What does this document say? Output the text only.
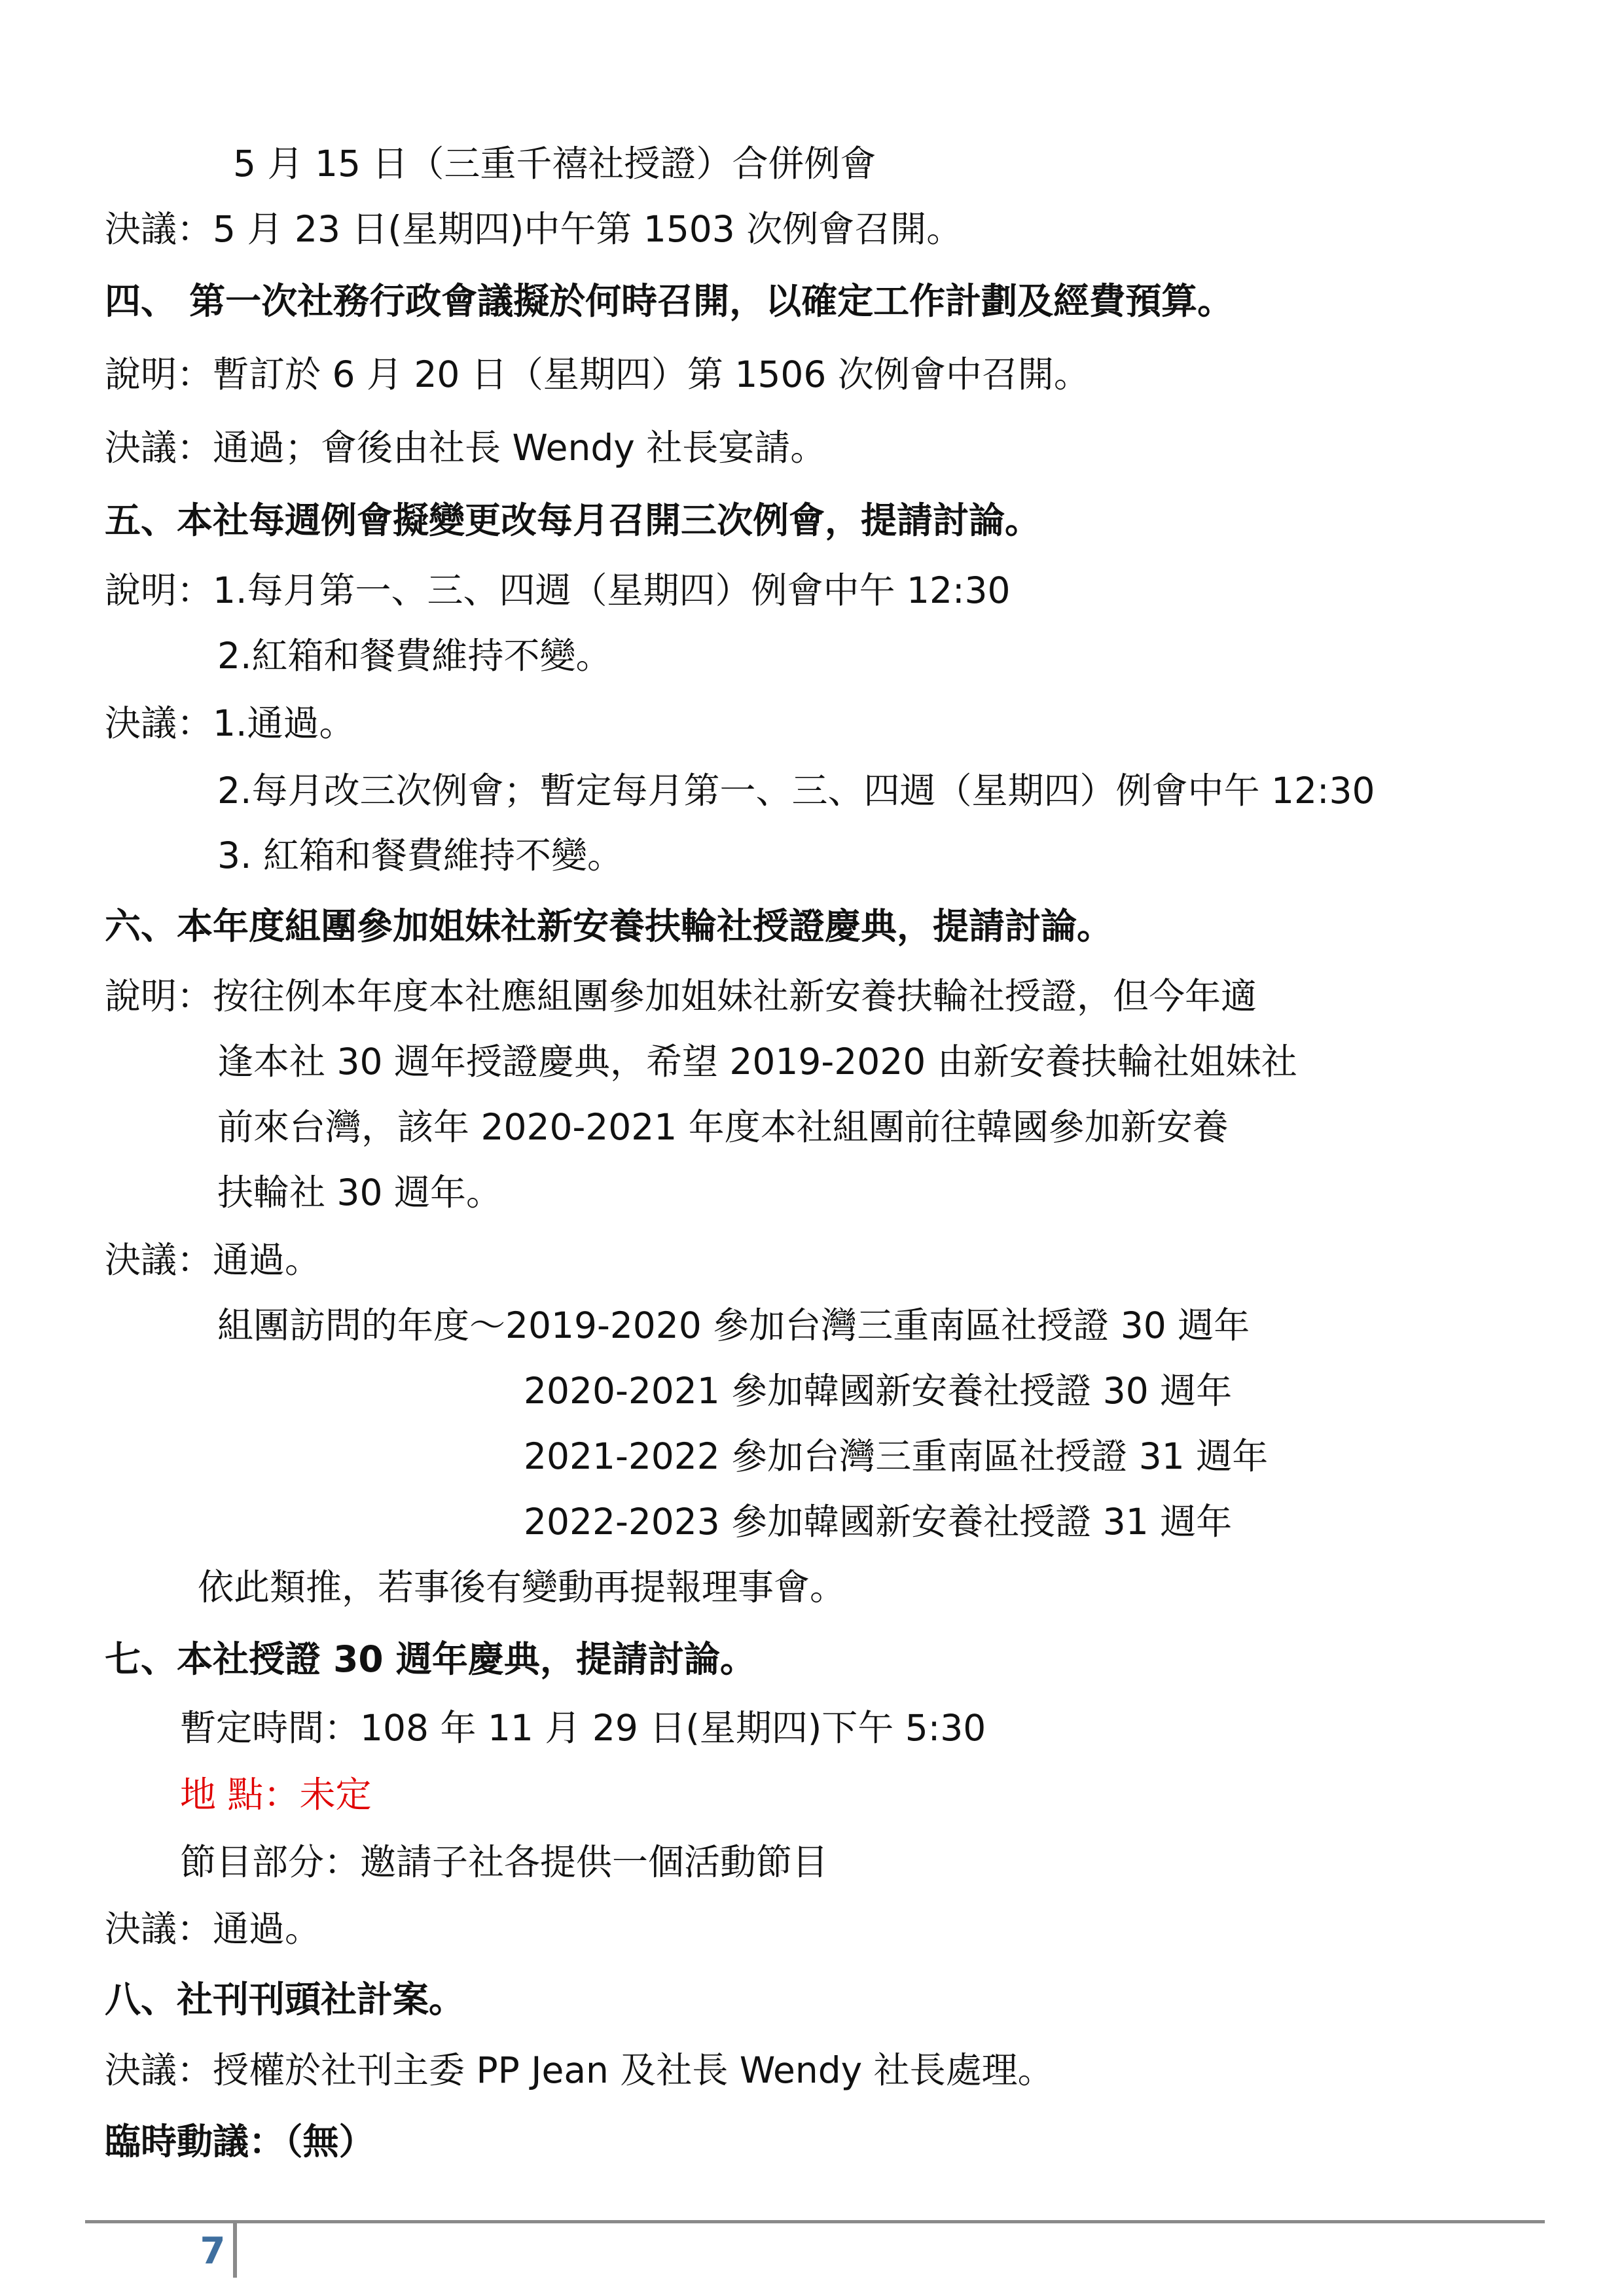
5 月 15 日（三重千禧社授證）合併例會
決議：5 月 23 日(星期四)中午第 1503 次例會召開。
四、 第一次社務行政會議擬於何時召開，以確定工作計劃及經費預算。
說明：暫訂於 6 月 20 日（星期四）第 1506 次例會中召開。
決議：通過；會後由社長 Wendy 社長宴請。
五、本社每週例會擬變更改每月召開三次例會，提請討論。
說明：1.每月第一、三、四週（星期四）例會中午 12:30
2.紅箱和餐費維持不變。
決議：1.通過。
2.每月改三次例會；暫定每月第一、三、四週（星期四）例會中午 12:30
3. 紅箱和餐費維持不變。
六、本年度組團參加姐妹社新安養扶輪社授證慶典，提請討論。
說明：按往例本年度本社應組團參加姐妹社新安養扶輪社授證，但今年適
逢本社 30 週年授證慶典，希望 2019-2020 由新安養扶輪社姐妹社
前來台灣，該年 2020-2021 年度本社組團前往韓國參加新安養
扶輪社 30 週年。
決議：通過。
組團訪問的年度～2019-2020 參加台灣三重南區社授證 30 週年
2020-2021 參加韓國新安養社授證 30 週年
2021-2022 參加台灣三重南區社授證 31 週年
2022-2023 參加韓國新安養社授證 31 週年
依此類推，若事後有變動再提報理事會。
七、本社授證 30 週年慶典，提請討論。
暫定時間：108 年 11 月 29 日(星期四)下午 5:30
地 點：未定
節目部分：邀請子社各提供一個活動節目
決議：通過。
八、社刊刊頭社計案。
決議：授權於社刊主委 PP Jean 及社長 Wendy 社長處理。
臨時動議：（無）
7
